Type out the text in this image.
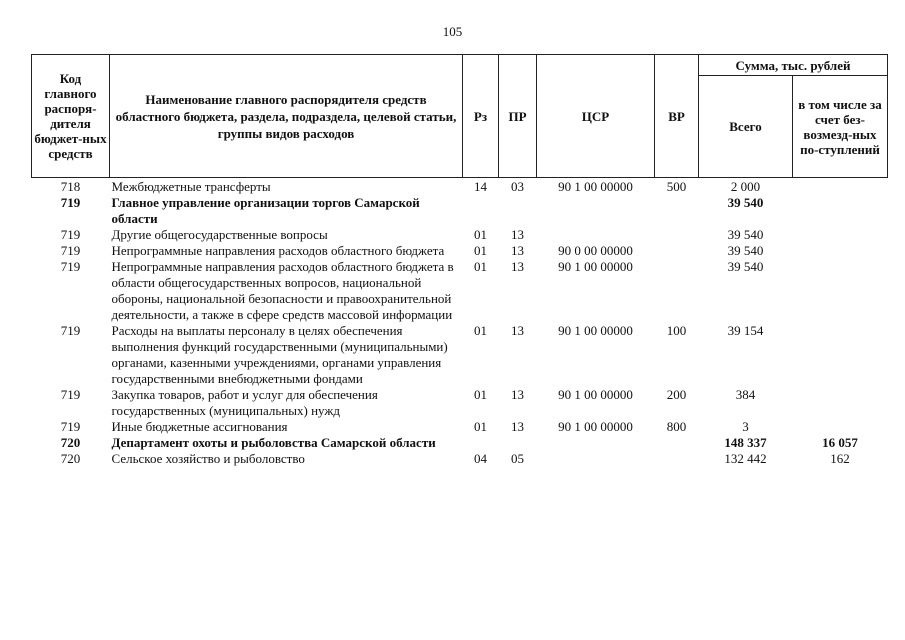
105
Код главного распоря-дителя бюджет-ных средств	Наименование главного распорядителя средств областного бюджета, раздела, подраздела, целевой статьи, группы видов расходов	Рз	ПР	ЦСР	ВР	Сумма, тыс. рублей	
						Всего	в том числе за счет без-возмезд-ных по-ступлений
718	Межбюджетные трансферты	14	03	90 1 00 00000	500	2 000	
719	Главное управление организации торгов Самарской области					39 540	
719	Другие общегосударственные вопросы	01	13			39 540	
719	Непрограммные направления расходов областного бюджета	01	13	90 0 00 00000		39 540	
719	Непрограммные направления расходов областного бюджета в области общегосударственных вопросов, национальной обороны, национальной безопасности и правоохранительной деятельности, а также в сфере средств массовой информации	01	13	90 1 00 00000		39 540	
719	Расходы на выплаты персоналу в целях обеспечения выполнения функций государственными (муниципальными) органами, казенными учреждениями, органами управления государственными внебюджетными фондами	01	13	90 1 00 00000	100	39 154	
719	Закупка товаров, работ и услуг для обеспечения государственных (муниципальных) нужд	01	13	90 1 00 00000	200	384	
719	Иные бюджетные ассигнования	01	13	90 1 00 00000	800	3	
720	Департамент охоты и рыболовства Самарской области					148 337	16 057
720	Сельское хозяйство и рыболовство	04	05			132 442	162
